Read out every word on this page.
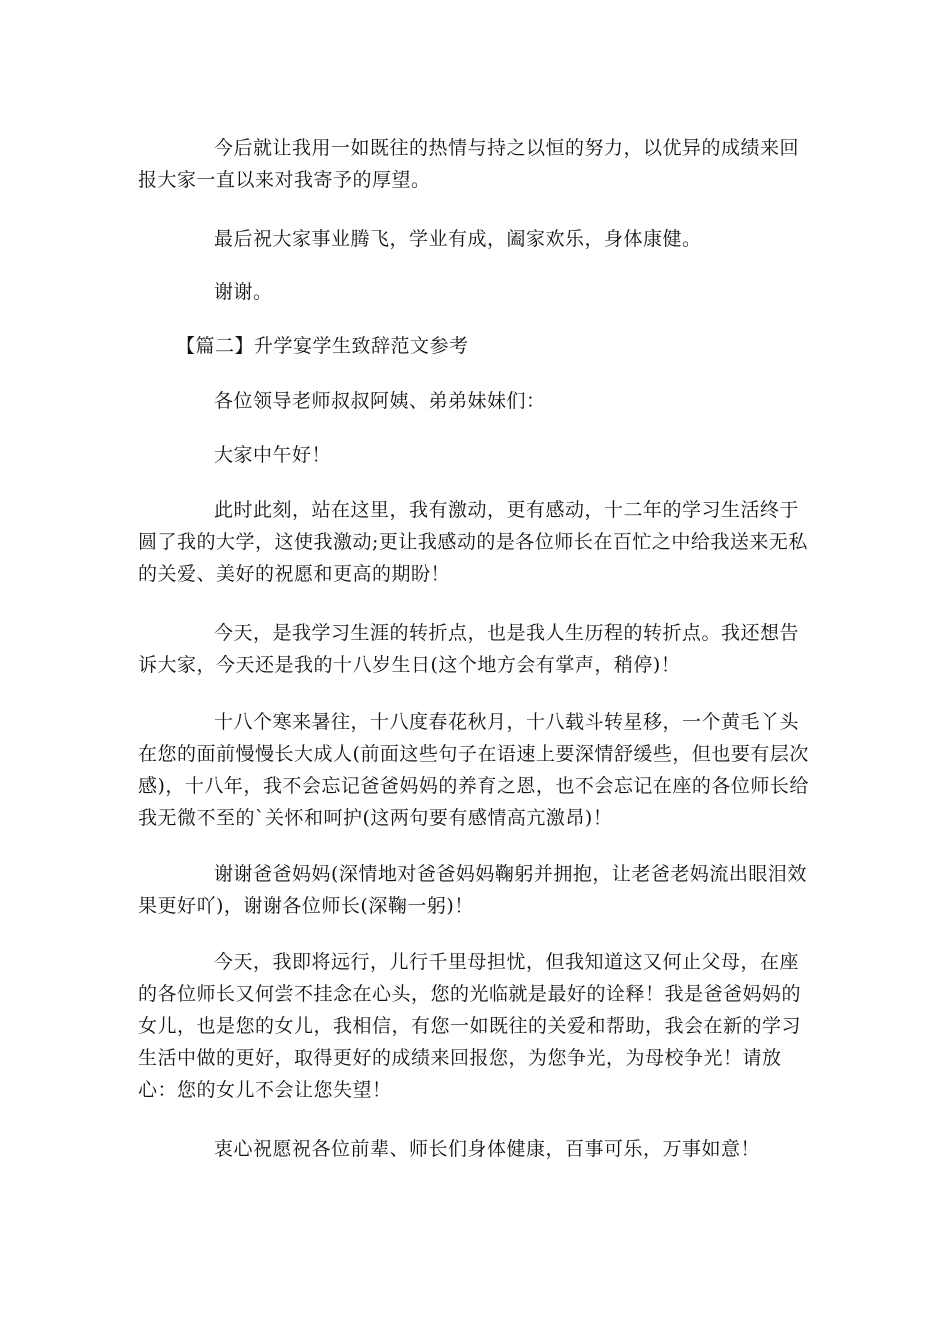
今后就让我用一如既往的热情与持之以恒的努力，以优异的成绩来回报大家一直以来对我寄予的厚望。

最后祝大家事业腾飞，学业有成，阖家欢乐，身体康健。

谢谢。

【篇二】升学宴学生致辞范文参考

各位领导老师叔叔阿姨、弟弟妹妹们：

大家中午好！

此时此刻，站在这里，我有激动，更有感动，十二年的学习生活终于圆了我的大学，这使我激动;更让我感动的是各位师长在百忙之中给我送来无私的关爱、美好的祝愿和更高的期盼！

今天，是我学习生涯的转折点，也是我人生历程的转折点。我还想告诉大家，今天还是我的十八岁生日(这个地方会有掌声，稍停)！

十八个寒来暑往，十八度春花秋月，十八载斗转星移，一个黄毛丫头在您的面前慢慢长大成人(前面这些句子在语速上要深情舒缓些，但也要有层次感)，十八年，我不会忘记爸爸妈妈的养育之恩，也不会忘记在座的各位师长给我无微不至的`关怀和呵护(这两句要有感情高亢激昂)！

谢谢爸爸妈妈(深情地对爸爸妈妈鞠躬并拥抱，让老爸老妈流出眼泪效果更好吖)，谢谢各位师长(深鞠一躬)！

今天，我即将远行，儿行千里母担忧，但我知道这又何止父母，在座的各位师长又何尝不挂念在心头，您的光临就是最好的诠释！我是爸爸妈妈的女儿，也是您的女儿，我相信，有您一如既往的关爱和帮助，我会在新的学习生活中做的更好，取得更好的成绩来回报您，为您争光，为母校争光！请放心：您的女儿不会让您失望！

衷心祝愿祝各位前辈、师长们身体健康，百事可乐，万事如意！
